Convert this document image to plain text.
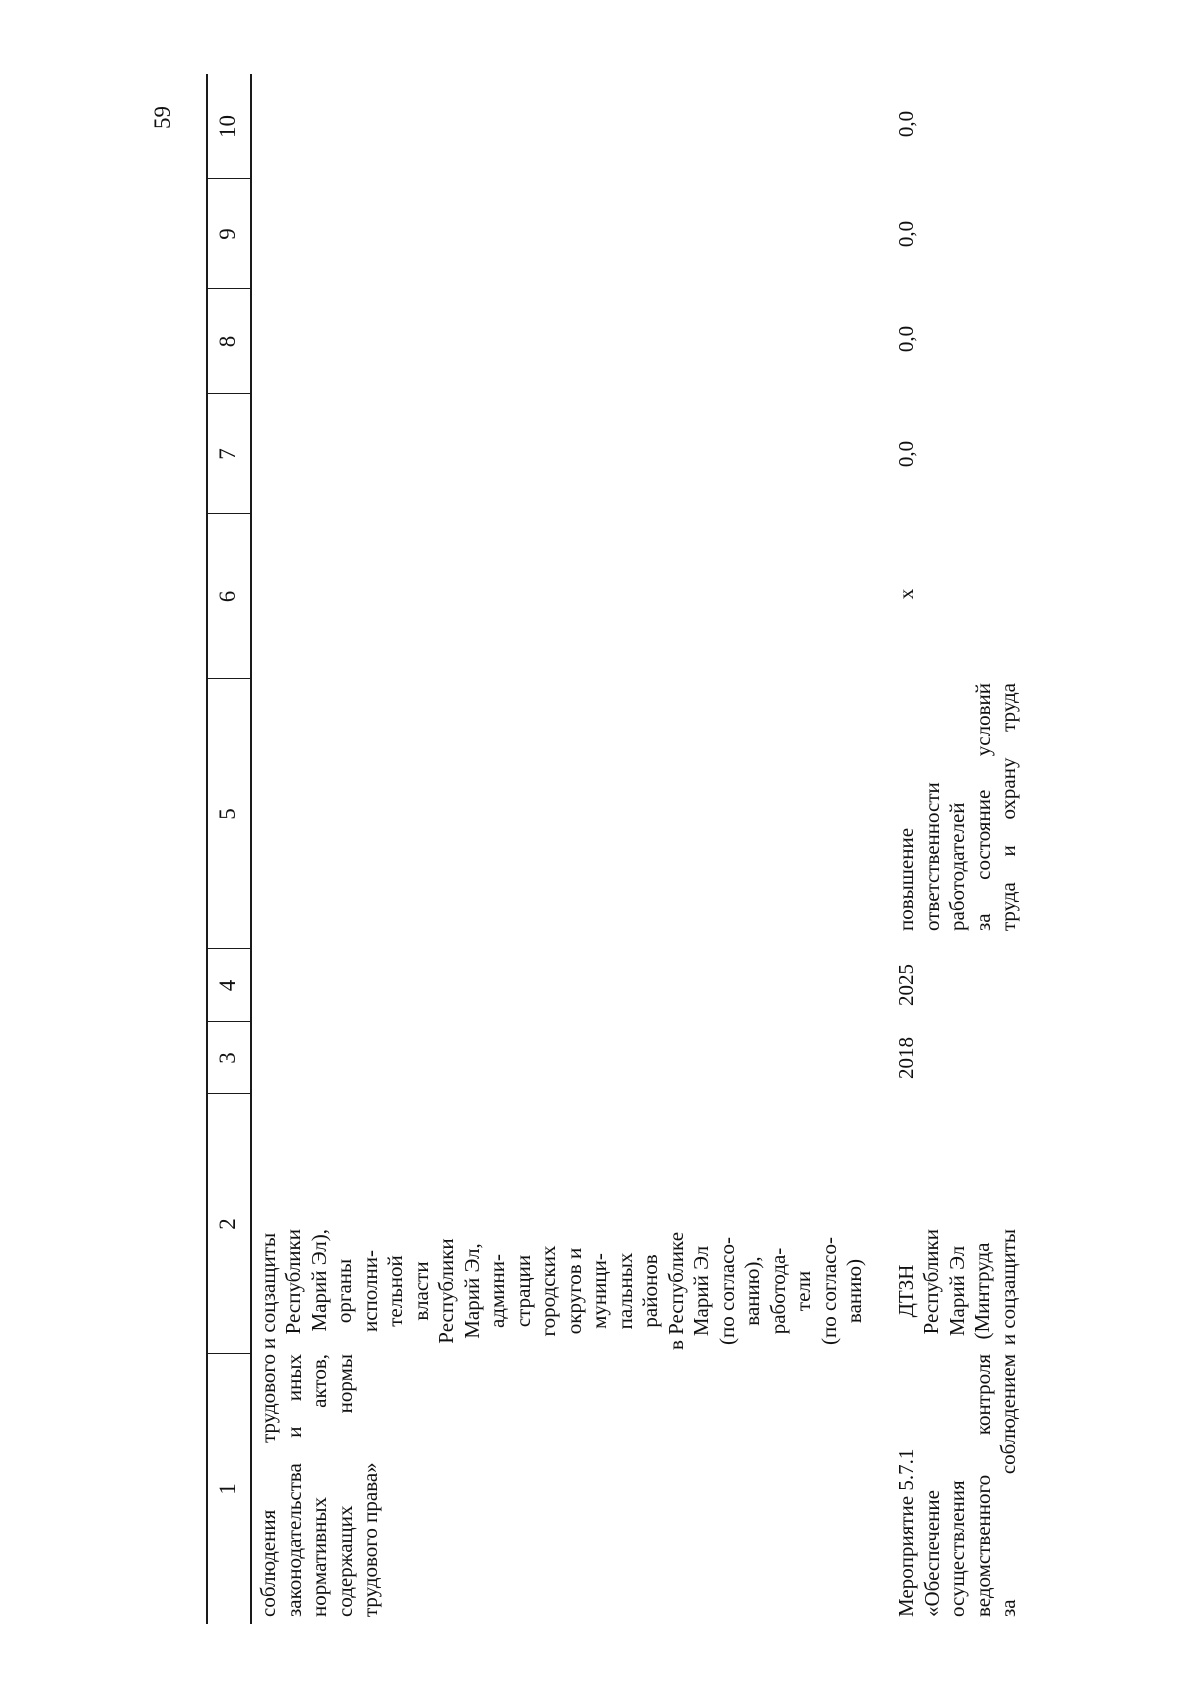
59
1
2
3
4
5
6
7
8
9
10
соблюдения трудового законодательства и иных нормативных актов, содержащих нормы трудового права»
и соцзащиты Республики Марий Эл), органы исполни- тельной власти Республики Марий Эл, админи- страции городских округов и муници- пальных районов в Республике Марий Эл (по согласо- ванию), работода- тели (по согласо- ванию)
Мероприятие 5.7.1 «Обеспечение осуществления ведомственного контроля за соблюдением
ДТЗН Республики Марий Эл (Минтруда и соцзащиты
2018
2025
повышение ответственности работодателей за состояние условий труда и охрану труда
x
0,0
0,0
0,0
0,0
